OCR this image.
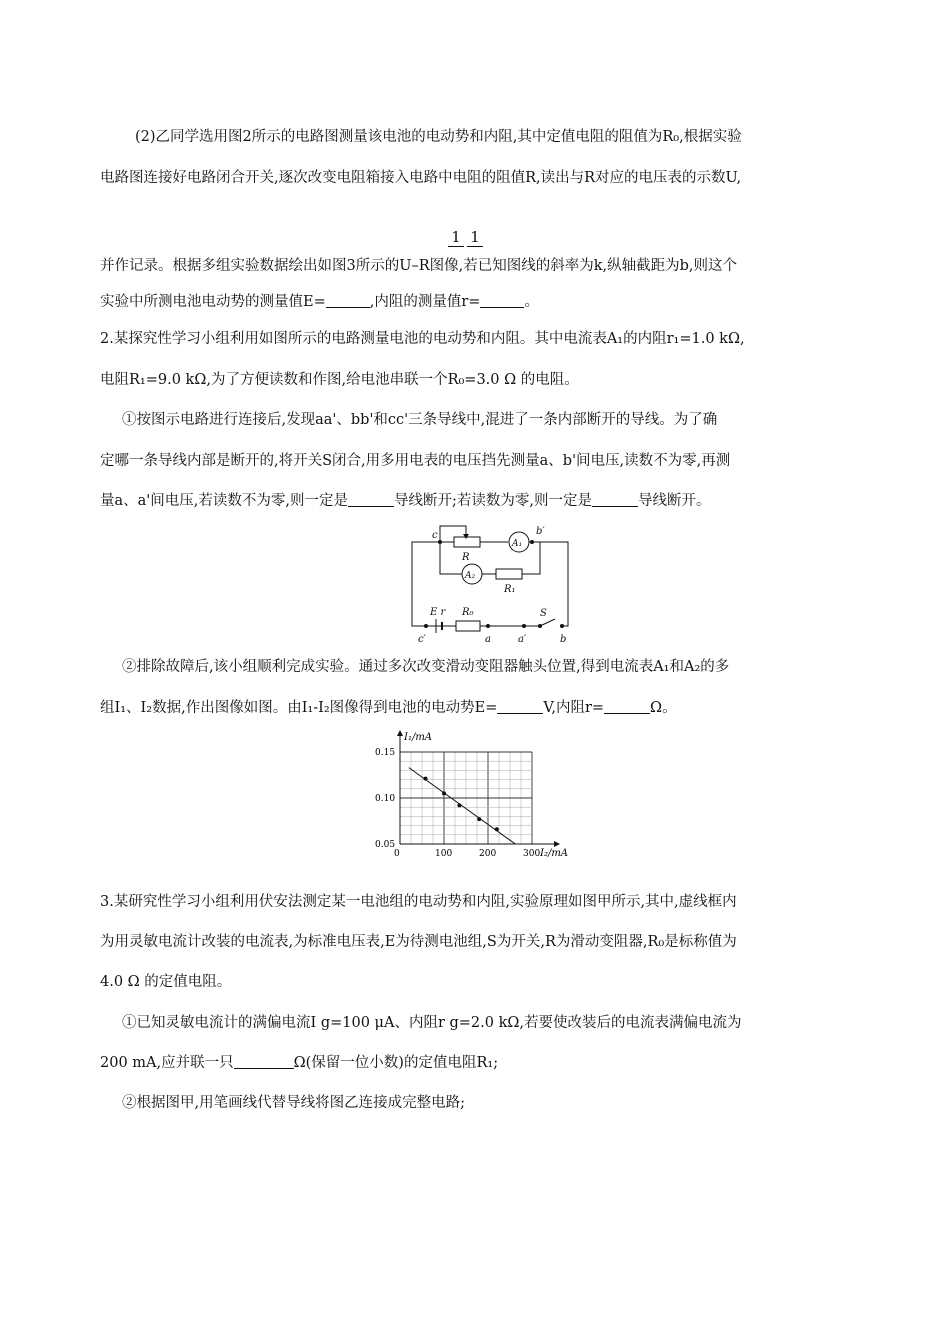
(2)乙同学选用图2所示的电路图测量该电池的电动势和内阻,其中定值电阻的阻值为R₀,根据实验
电路图连接好电路闭合开关,逐次改变电阻箱接入电路中电阻的阻值R,读出与R对应的电压表的示数U,
1 1
并作记录。根据多组实验数据绘出如图3所示的U–R图像,若已知图线的斜率为k,纵轴截距为b,则这个
实验中所测电池电动势的测量值E=	,内阻的测量值r=	。
2.某探究性学习小组利用如图所示的电路测量电池的电动势和内阻。其中电流表A₁的内阻r₁=1.0 kΩ,
电阻R₁=9.0 kΩ,为了方便读数和作图,给电池串联一个R₀=3.0 Ω 的电阻。
①按图示电路进行连接后,发现aa'、bb'和cc'三条导线中,混进了一条内部断开的导线。为了确
定哪一条导线内部是断开的,将开关S闭合,用多用电表的电压挡先测量a、b'间电压,读数不为零,再测
量a、a'间电压,若读数不为零,则一定是	导线断开;若读数为零,则一定是	导线断开。
c
R
A₁
b′
A₂
R₁
E r R₀	S
c′	a	a′	b
②排除故障后,该小组顺利完成实验。通过多次改变滑动变阻器触头位置,得到电流表A₁和A₂的多
组I₁、I₂数据,作出图像如图。由I₁-I₂图像得到电池的电动势E=	V,内阻r=	Ω。
0	100	200	300
0.05
0.10
0.15
I₁/mA
I₂/mA
3.某研究性学习小组利用伏安法测定某一电池组的电动势和内阻,实验原理如图甲所示,其中,虚线框内
为用灵敏电流计改装的电流表,为标准电压表,E为待测电池组,S为开关,R为滑动变阻器,R₀是标称值为
4.0 Ω 的定值电阻。
①已知灵敏电流计的满偏电流I g=100 μA、内阻r g=2.0 kΩ,若要使改装后的电流表满偏电流为
200 mA,应并联一只	Ω(保留一位小数)的定值电阻R₁;
②根据图甲,用笔画线代替导线将图乙连接成完整电路;
